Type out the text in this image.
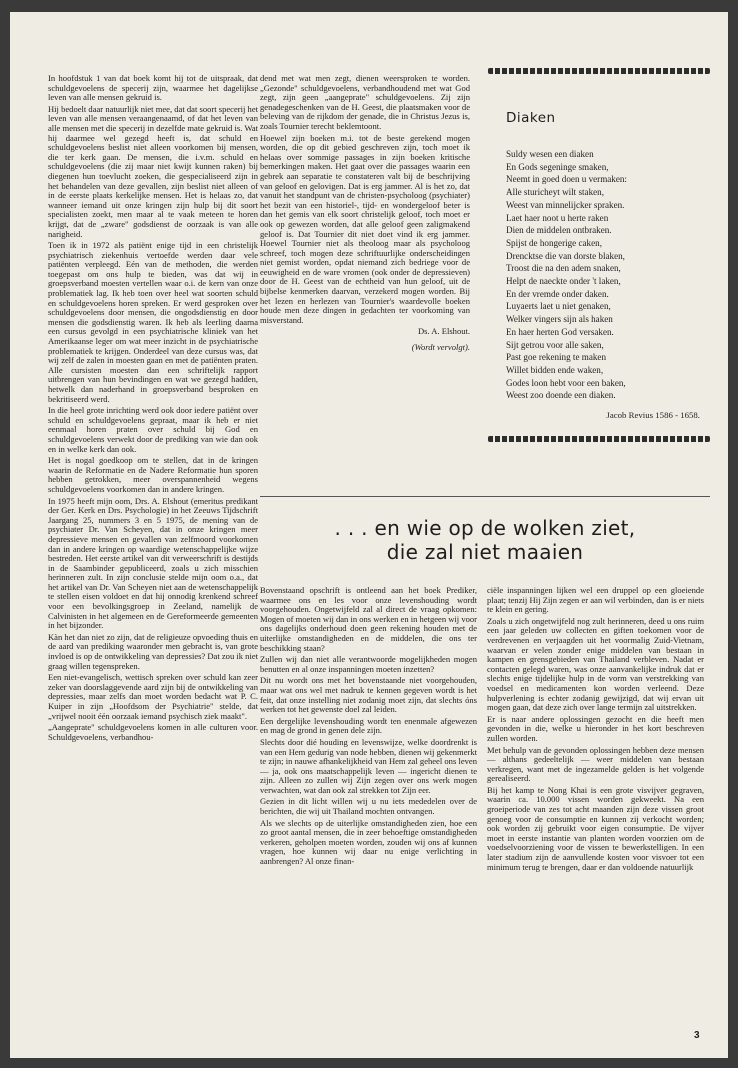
In hoofdstuk 1 van dat boek komt hij tot de uitspraak, dat schuldgevoelens de specerij zijn, waarmee het dagelijkse leven van alle mensen gekruid is.

Hij bedoelt daar natuurlijk niet mee, dat dat soort specerij het leven van alle mensen veraangenaamd, of dat het leven van alle mensen met die specerij in dezelfde mate gekruid is. Wat hij daarmee wel gezegd heeft is, dat schuld en schuldgevoelens beslist niet alleen voorkomen bij mensen, die ter kerk gaan. De mensen, die i.v.m. schuld en schuldgevoelens (die zij maar niet kwijt kunnen raken) bij diegenen hun toevlucht zoeken, die gespecialiseerd zijn in het behandelen van deze gevallen, zijn beslist niet alleen of in de eerste plaats kerkelijke mensen. Het is helaas zo, dat wanneer iemand uit onze kringen zijn hulp bij dit soort specialisten zoekt, men maar al te vaak meteen te horen krijgt, dat de „zware" godsdienst de oorzaak is van alle narigheid.

Toen ik in 1972 als patiënt enige tijd in een christelijk psychiatrisch ziekenhuis vertoefde werden daar vele patiënten verpleegd. Eén van de methoden, die werden toegepast om ons hulp te bieden, was dat wij in groepsverband moesten vertellen waar o.i. de kern van onze problematiek lag. Ik heb toen over heel wat soorten schuld en schuldgevoelens horen spreken. Er werd gesproken over schuldgevoelens door mensen, die ongodsdienstig en door mensen die godsdienstig waren. Ik heb als leerling daarna een cursus gevolgd in een psychiatrische kliniek van het Amerikaanse leger om wat meer inzicht in de psychiatrische problematiek te krijgen. Onderdeel van deze cursus was, dat wij zelf de zalen in moesten gaan en met de patiënten praten. Alle cursisten moesten dan een schriftelijk rapport uitbrengen van hun bevindingen en wat we gezegd hadden, hetwelk dan naderhand in groepsverband besproken en bekritiseerd werd.

In die heel grote inrichting werd ook door iedere patiënt over schuld en schuldgevoelens gepraat, maar ik heb er niet eenmaal horen praten over schuld bij God en schuldgevoelens verwekt door de prediking van wie dan ook en in welke kerk dan ook.

Het is nogal goedkoop om te stellen, dat in de kringen waarin de Reformatie en de Nadere Reformatie hun sporen hebben getrokken, meer overspannenheid wegens schuldgevoelens voorkomen dan in andere kringen.

In 1975 heeft mijn oom, Drs. A. Elshout (emeritus predikant der Ger. Kerk en Drs. Psychologie) in het Zeeuws Tijdschrift Jaargang 25, nummers 3 en 5 1975, de mening van de psychiater Dr. Van Scheyen, dat in onze kringen meer depressieve mensen en gevallen van zelfmoord voorkomen dan in andere kringen op waardige wetenschappelijke wijze bestreden. Het eerste artikel van dit verweerschrift is destijds in de Saambinder gepubliceerd, zoals u zich misschien herinneren zult. In zijn conclusie stelde mijn oom o.a., dat het artikel van Dr. Van Scheyen niet aan de wetenschappelijk te stellen eisen voldoet en dat hij onnodig krenkend schreef voor een bevolkingsgroep in Zeeland, namelijk de Calvinisten in het algemeen en de Gereformeerde gemeenten in het bijzonder.

Kàn het dan niet zo zijn, dat de religieuze opvoeding thuis en de aard van prediking waaronder men gebracht is, van grote invloed is op de ontwikkeling van depressies? Dat zou ik niet graag willen tegenspreken.

Een niet-evangelisch, wettisch spreken over schuld kan zeer zeker van doorslaggevende aard zijn bij de ontwikkeling van depressies, maar zelfs dan moet worden bedacht wat P. C. Kuiper in zijn „Hoofdsom der Psychiatrie" stelde, dat „vrijwel nooit één oorzaak iemand psychisch ziek maakt".

„Aangeprate" schuldgevoelens komen in alle culturen voor. Schuldgevoelens, verbandhou-

dend met wat men zegt, dienen weersproken te worden. „Gezonde" schuldgevoelens, verbandhoudend met wat God zegt, zijn geen „aangeprate" schuldgevoelens. Zij zijn genadegeschenken van de H. Geest, die plaatsmaken voor de beleving van de rijkdom der genade, die in Christus Jezus is, zoals Tournier terecht beklemtoont.

Hoewel zijn boeken m.i. tot de beste gerekend mogen worden, die op dit gebied geschreven zijn, toch moet ik helaas over sommige passages in zijn boeken kritische bemerkingen maken. Het gaat over die passages waarin een gebrek aan separatie te constateren valt bij de beschrijving van geloof en gelovigen. Dat is erg jammer. Al is het zo, dat vanuit het standpunt van de christen-psycholoog (psychiater) het bezit van een historiel-, tijd- en wondergeloof beter is dan het gemis van elk soort christelijk geloof, toch moet er ook op gewezen worden, dat alle geloof geen zaligmakend geloof is. Dat Tournier dit niet doet vind ik erg jammer. Hoewel Tournier niet als theoloog maar als psycholoog schreef, toch mogen deze schriftuurlijke onderscheidingen niet gemist worden, opdat niemand zich bedriege voor de eeuwigheid en de ware vromen (ook onder de depressieven) door de H. Geest van de echtheid van hun geloof, uit de bijbelse kenmerken daarvan, verzekerd mogen worden. Bij het lezen en herlezen van Tournier's waardevolle boeken houde men deze dingen in gedachten ter voorkoming van misverstand.

Ds. A. Elshout.
(Wordt vervolgt).
Diaken
Suldy wesen een diaken
En Gods segeninge smaken,
Neemt in goed doen u vermaken:
Alle sturicheyt wilt staken,
Weest van minnelijcker spraken.
Laet haer noot u herte raken
Dien de middelen ontbraken.
Spijst de hongerige caken,
Drencktse die van dorste blaken,
Troost die na den adem snaken,
Helpt de naeckte onder 't laken,
En der vremde onder daken.
Luyaerts laet u niet genaken,
Welker vingers sijn als haken
En haer herten God versaken.
Sijt getrou voor alle saken,
Past goe rekening te maken
Willet bidden ende waken,
Godes loon hebt voor een baken,
Weest zoo doende een diaken.
Jacob Revius 1586 - 1658.
. . . en wie op de wolken ziet,
die zal niet maaien

Bovenstaand opschrift is ontleend aan het boek Prediker, waarmee ons en les voor onze levenshouding wordt voorgehouden. Ongetwijfeld zal al direct de vraag opkomen: Mogen of moeten wij dan in ons werken en in hetgeen wij voor ons dagelijks onderhoud doen geen rekening houden met de uiterlijke omstandigheden en de middelen, die ons ter beschikking staan?

Zullen wij dan niet alle verantwoorde mogelijkheden mogen benutten en al onze inspanningen moeten inzetten?

Dit nu wordt ons met het bovenstaande niet voorgehouden, maar wat ons wel met nadruk te kennen gegeven wordt is het feit, dat onze instelling niet zodanig moet zijn, dat slechts óns werken tot het gewenste doel zal leiden.

Een dergelijke levenshouding wordt ten enenmale afgewezen en mag de grond in genen dele zijn.

Slechts door dié houding en levenswijze, welke doordrenkt is van een Hem gedurig van node hebben, dienen wij gekenmerkt te zijn; in nauwe afhankelijkheid van Hem zal geheel ons leven — ja, ook ons maatschappelijk leven — ingericht dienen te zijn. Alleen zo zullen wij Zijn zegen over ons werk mogen verwachten, wat dan ook zal strekken tot Zijn eer.

Gezien in dit licht willen wij u nu iets mededelen over de berichten, die wij uit Thailand mochten ontvangen.

Als we slechts op de uiterlijke omstandigheden zien, hoe een zo groot aantal mensen, die in zeer behoeftige omstandigheden verkeren, geholpen moeten worden, zouden wij ons af kunnen vragen, hoe kunnen wij daar nu enige verlichting in aanbrengen? Al onze finan-

ciële inspanningen lijken wel een druppel op een gloeiende plaat; tenzij Hij Zijn zegen er aan wil verbinden, dan is er niets te klein en gering.

Zoals u zich ongetwijfeld nog zult herinneren, deed u ons ruim een jaar geleden uw collecten en giften toekomen voor de verdrevenen en verjaagden uit het voormalig Zuid-Vietnam, waarvan er velen zonder enige middelen van bestaan in kampen en grensgebieden van Thailand verbleven. Nadat er contacten gelegd waren, was onze aanvankelijke indruk dat er slechts enige tijdelijke hulp in de vorm van verstrekking van voedsel en medicamenten kon worden verleend. Deze hulpverlening is echter zodanig gewijzigd, dat wij ervan uit mogen gaan, dat deze zich over lange termijn zal uitstrekken.

Er is naar andere oplossingen gezocht en die heeft men gevonden in die, welke u hieronder in het kort beschreven zullen worden.

Met behulp van de gevonden oplossingen hebben deze mensen — althans gedeeltelijk — weer middelen van bestaan verkregen, want met de ingezamelde gelden is het volgende gerealiseerd.

Bij het kamp te Nong Khai is een grote visvijver gegraven, waarin ca. 10.000 vissen worden gekweekt. Na een groeiperiode van zes tot acht maanden zijn deze vissen groot genoeg voor de consumptie en kunnen zij verkocht worden; ook worden zij gebruikt voor eigen consumptie. De vijver moet in eerste instantie van planten worden voorzien om de voedselvoorziening voor de vissen te bewerkstelligen. In een later stadium zijn de aanvullende kosten voor visvoer tot een minimum terug te brengen, daar er dan voldoende natuurlijk

3
